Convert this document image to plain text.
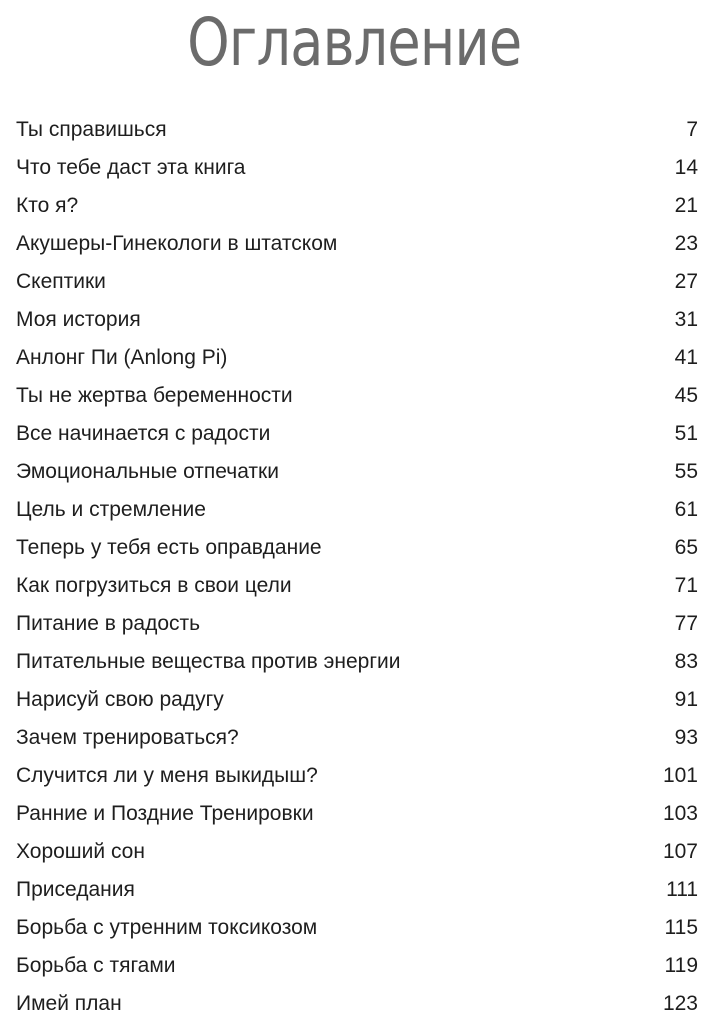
Оглавление
Ты справишься	7
Что тебе даст эта книга	14
Кто я?	21
Акушеры-Гинекологи в штатском	23
Скептики	27
Моя история	31
Анлонг Пи (Anlong Pi)	41
Ты не жертва беременности	45
Все начинается с радости	51
Эмоциональные отпечатки	55
Цель и стремление	61
Теперь у тебя есть оправдание	65
Как погрузиться в свои цели	71
Питание в радость	77
Питательные вещества против энергии	83
Нарисуй свою радугу	91
Зачем тренироваться?	93
Случится ли у меня выкидыш?	101
Ранние и Поздние Тренировки	103
Хороший сон	107
Приседания	111
Борьба с утренним токсикозом	115
Борьба с тягами	119
Имей план	123
